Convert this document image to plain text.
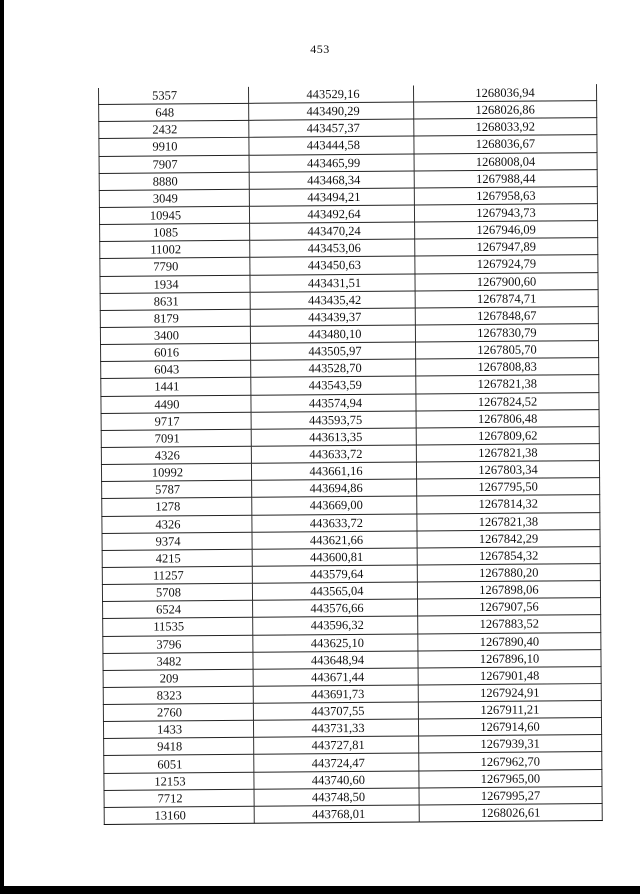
453
5357	443529,16	1268036,94
648	443490,29	1268026,86
2432	443457,37	1268033,92
9910	443444,58	1268036,67
7907	443465,99	1268008,04
8880	443468,34	1267988,44
3049	443494,21	1267958,63
10945	443492,64	1267943,73
1085	443470,24	1267946,09
11002	443453,06	1267947,89
7790	443450,63	1267924,79
1934	443431,51	1267900,60
8631	443435,42	1267874,71
8179	443439,37	1267848,67
3400	443480,10	1267830,79
6016	443505,97	1267805,70
6043	443528,70	1267808,83
1441	443543,59	1267821,38
4490	443574,94	1267824,52
9717	443593,75	1267806,48
7091	443613,35	1267809,62
4326	443633,72	1267821,38
10992	443661,16	1267803,34
5787	443694,86	1267795,50
1278	443669,00	1267814,32
4326	443633,72	1267821,38
9374	443621,66	1267842,29
4215	443600,81	1267854,32
11257	443579,64	1267880,20
5708	443565,04	1267898,06
6524	443576,66	1267907,56
11535	443596,32	1267883,52
3796	443625,10	1267890,40
3482	443648,94	1267896,10
209	443671,44	1267901,48
8323	443691,73	1267924,91
2760	443707,55	1267911,21
1433	443731,33	1267914,60
9418	443727,81	1267939,31
6051	443724,47	1267962,70
12153	443740,60	1267965,00
7712	443748,50	1267995,27
13160	443768,01	1268026,61
